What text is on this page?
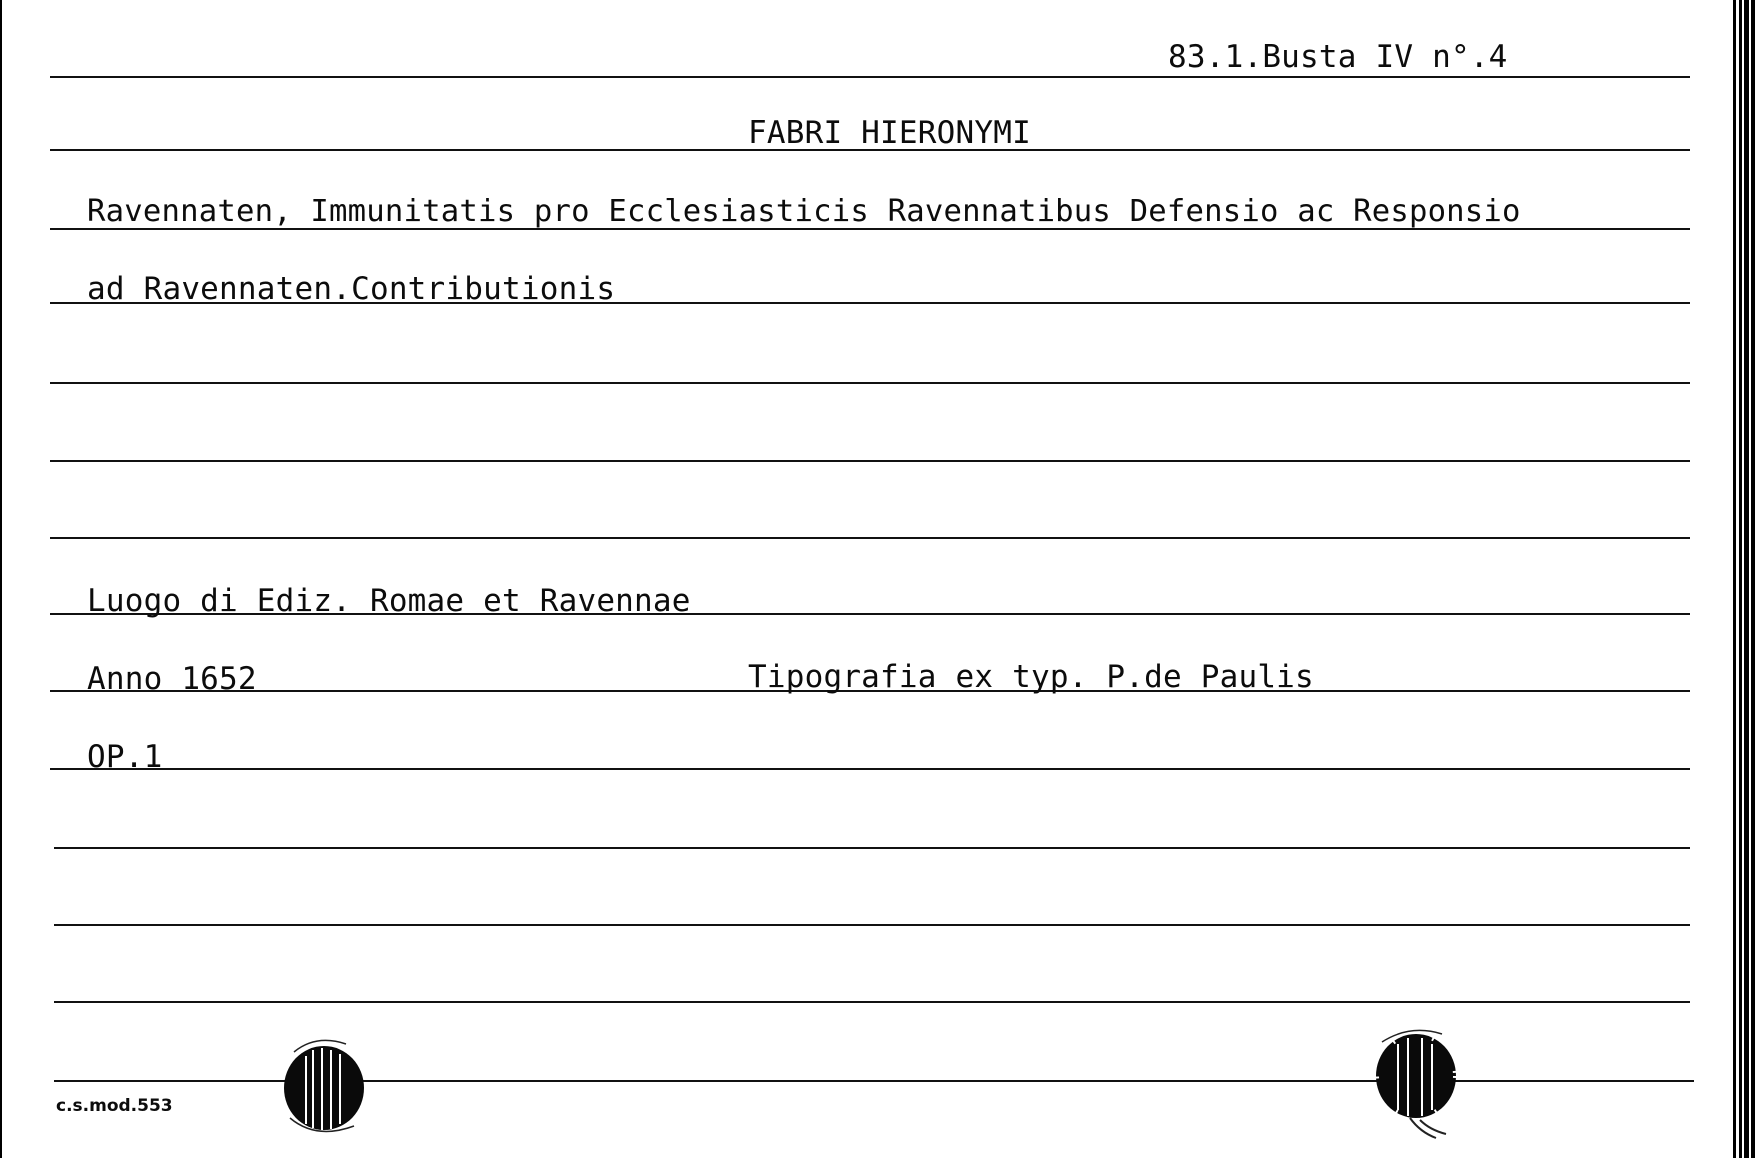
83.1.Busta IV n°.4
FABRI HIERONYMI
Ravennaten, Immunitatis pro Ecclesiasticis Ravennatibus Defensio ac Responsio
ad Ravennaten.Contributionis
Luogo di Ediz. Romae et Ravennae
Anno 1652	Tipografia ex typ. P.de Paulis
OP.1
c.s.mod.553
